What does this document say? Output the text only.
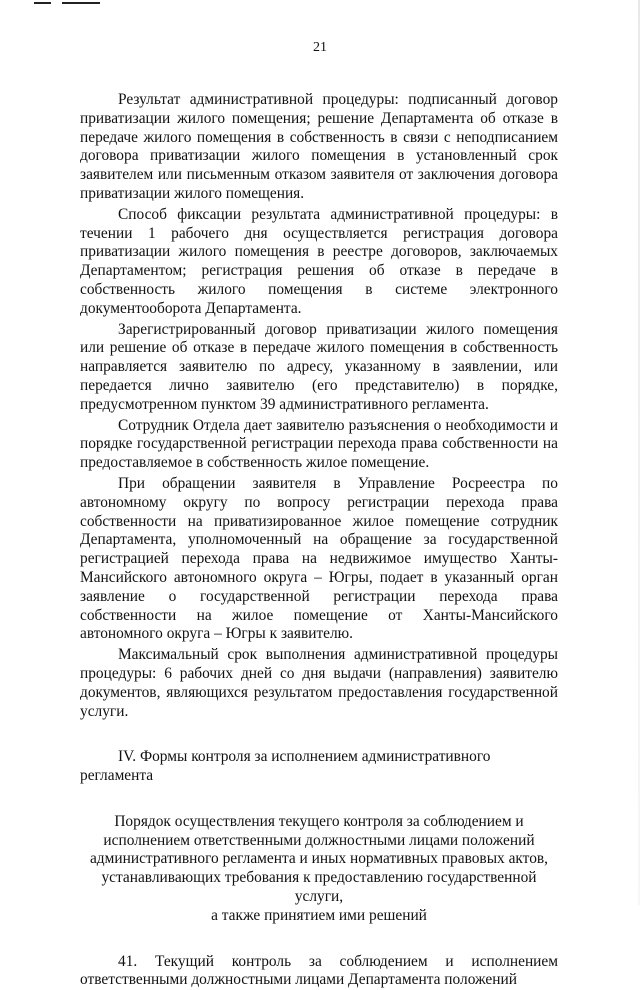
21

Результат административной процедуры: подписанный договор приватизации жилого помещения; решение Департамента об отказе в передаче жилого помещения в собственность в связи с неподписанием договора приватизации жилого помещения в установленный срок заявителем или письменным отказом заявителя от заключения договора приватизации жилого помещения.

Способ фиксации результата административной процедуры: в течении 1 рабочего дня осуществляется регистрация договора приватизации жилого помещения в реестре договоров, заключаемых Департаментом; регистрация решения об отказе в передаче в собственность жилого помещения в системе электронного документооборота Департамента.

Зарегистрированный договор приватизации жилого помещения или решение об отказе в передаче жилого помещения в собственность направляется заявителю по адресу, указанному в заявлении, или передается лично заявителю (его представителю) в порядке, предусмотренном пунктом 39 административного регламента.

Сотрудник Отдела дает заявителю разъяснения о необходимости и порядке государственной регистрации перехода права собственности на предоставляемое в собственность жилое помещение.

При обращении заявителя в Управление Росреестра по автономному округу по вопросу регистрации перехода права собственности на приватизированное жилое помещение сотрудник Департамента, уполномоченный на обращение за государственной регистрацией перехода права на недвижимое имущество Ханты-Мансийского автономного округа – Югры, подает в указанный орган заявление о государственной регистрации перехода права собственности на жилое помещение от Ханты-Мансийского автономного округа – Югры к заявителю.

Максимальный срок выполнения административной процедуры процедуры: 6 рабочих дней со дня выдачи (направления) заявителю документов, являющихся результатом предоставления государственной услуги.

IV. Формы контроля за исполнением административного регламента

Порядок осуществления текущего контроля за соблюдением и
исполнением ответственными должностными лицами положений
административного регламента и иных нормативных правовых актов,
устанавливающих требования к предоставлению государственной услуги,
а также принятием ими решений

41. Текущий контроль за соблюдением и исполнением ответственными должностными лицами Департамента положений
